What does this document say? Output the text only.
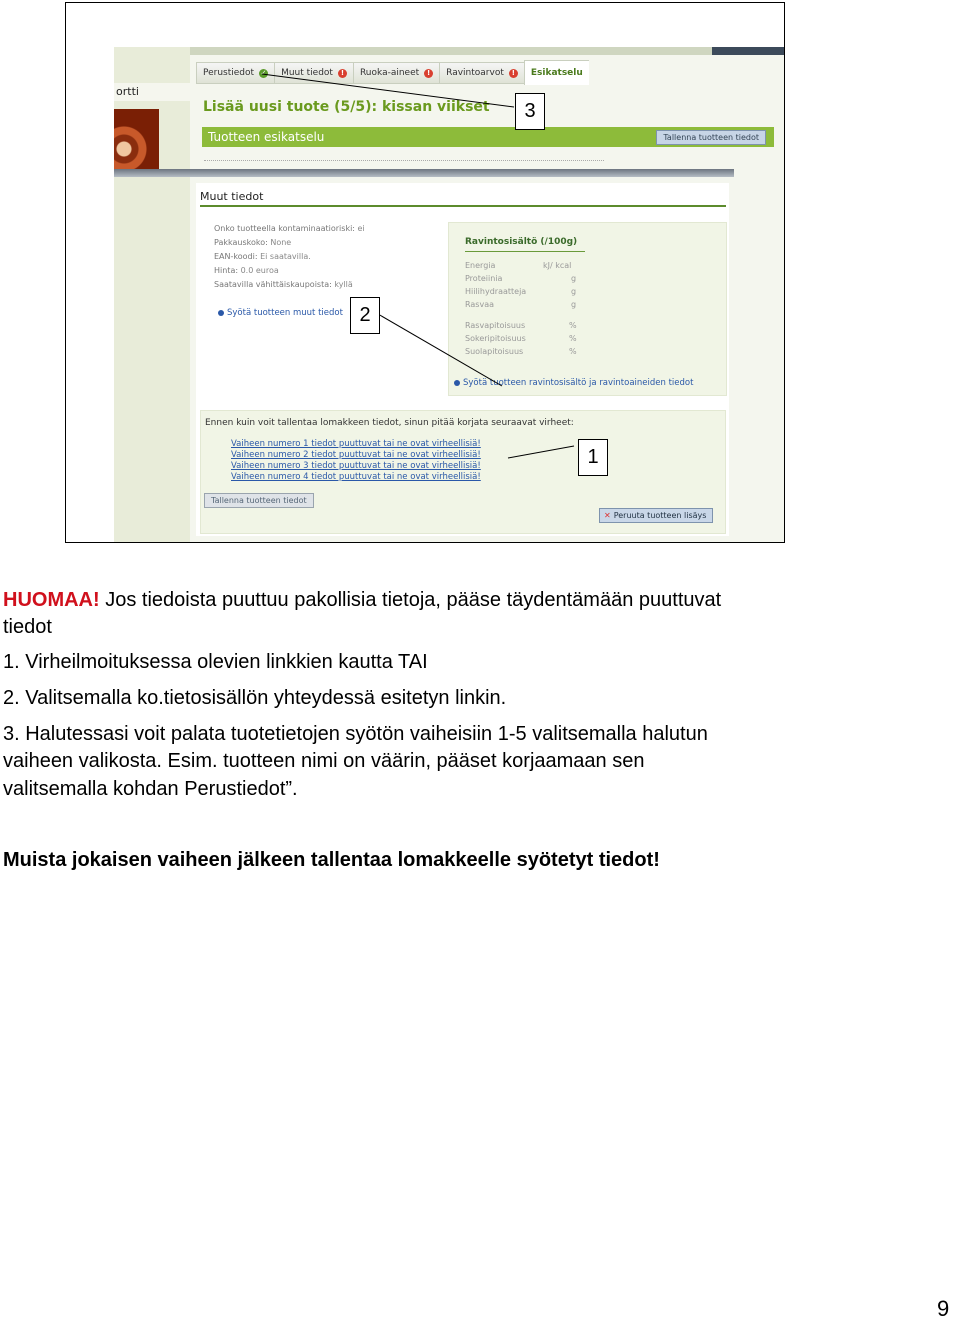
ortti
Perustiedot ✓ Muut tiedot	!	Ruoka-aineet	!	Ravintoarvot	!	Esikatselu
Lisää uusi tuote (5/5): kissan viikset
Tuotteen esikatselu	Tallenna tuotteen tiedot
Muut tiedot
Onko tuotteella kontaminaatioriski: ei
Pakkauskoko: None
EAN-koodi: Ei saatavilla.
Hinta: 0.0 euroa
Saatavilla vähittäiskaupoista: kyllä
Syötä tuotteen muut tiedot
Ravintosisältö (/100g)
Energia	kJ/ kcal
Proteiinia	g
Hiilihydraatteja	g
Rasvaa	g
Rasvapitoisuus	%
Sokeripitoisuus	%
Suolapitoisuus	%
Syötä tuotteen ravintosisältö ja ravintoaineiden tiedot
Ennen kuin voit tallentaa lomakkeen tiedot, sinun pitää korjata seuraavat virheet:
Vaiheen numero 1 tiedot puuttuvat tai ne ovat virheellisiä!
Vaiheen numero 2 tiedot puuttuvat tai ne ovat virheellisiä!
Vaiheen numero 3 tiedot puuttuvat tai ne ovat virheellisiä!
Vaiheen numero 4 tiedot puuttuvat tai ne ovat virheellisiä!
Tallenna tuotteen tiedot
✕ Peruuta tuotteen lisäys
3
2
1
HUOMAA! Jos tiedoista puuttuu pakollisia tietoja, pääse täydentämään puuttuvat
tiedot
1. Virheilmoituksessa olevien linkkien kautta TAI
2. Valitsemalla ko.tietosisällön yhteydessä esitetyn linkin.
3. Halutessasi voit palata tuotetietojen syötön vaiheisiin 1-5 valitsemalla halutun
vaiheen valikosta. Esim. tuotteen nimi on väärin, pääset korjaamaan sen
valitsemalla kohdan Perustiedot”.
Muista jokaisen vaiheen jälkeen tallentaa lomakkeelle syötetyt tiedot!
9
